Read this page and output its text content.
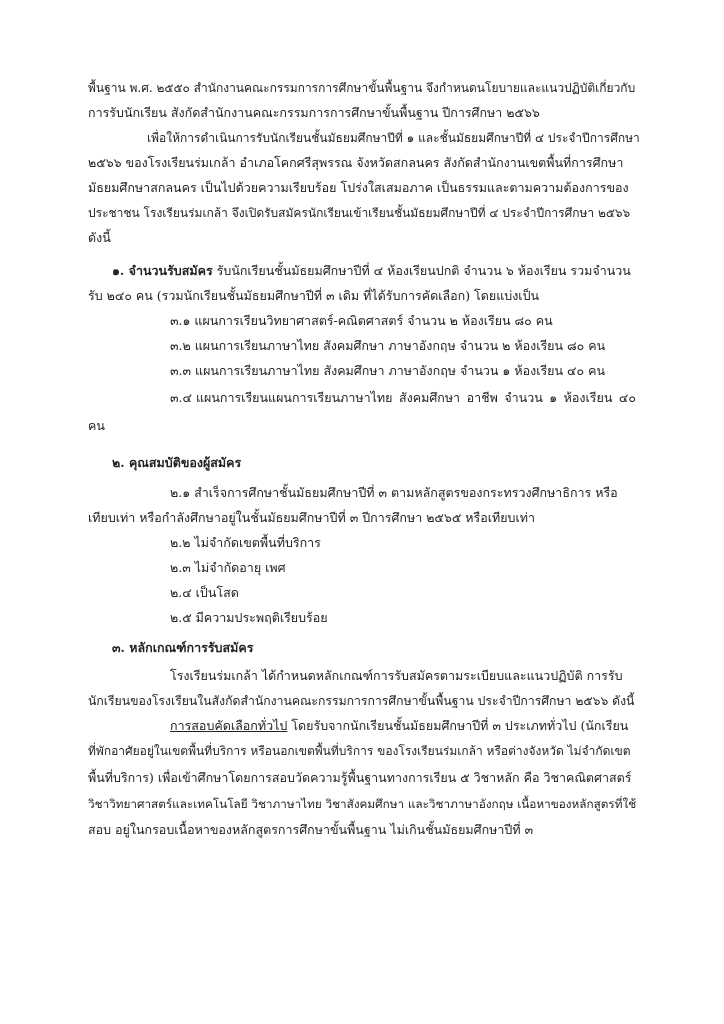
พื้นฐาน พ.ศ. ๒๕๕๐ สำนักงานคณะกรรมการการศึกษาขั้นพื้นฐาน จึงกำหนดนโยบายและแนวปฏิบัติเกี่ยวกับ
การรับนักเรียน สังกัดสำนักงานคณะกรรมการการศึกษาขั้นพื้นฐาน ปีการศึกษา ๒๕๖๖
เพื่อให้การดำเนินการรับนักเรียนชั้นมัธยมศึกษาปีที่ ๑ และชั้นมัธยมศึกษาปีที่ ๔ ประจำปีการศึกษา
๒๕๖๖ ของโรงเรียนร่มเกล้า อำเภอโคกศรีสุพรรณ จังหวัดสกลนคร สังกัดสำนักงานเขตพื้นที่การศึกษา
มัธยมศึกษาสกลนคร เป็นไปด้วยความเรียบร้อย โปร่งใสเสมอภาค เป็นธรรมและตามความต้องการของ
ประชาชน โรงเรียนร่มเกล้า จึงเปิดรับสมัครนักเรียนเข้าเรียนชั้นมัธยมศึกษาปีที่ ๔ ประจำปีการศึกษา ๒๕๖๖
ดังนี้
๑. จำนวนรับสมัคร รับนักเรียนชั้นมัธยมศึกษาปีที่ ๔ ห้องเรียนปกติ จำนวน ๖ ห้องเรียน รวมจำนวน
รับ ๒๔๐ คน (รวมนักเรียนชั้นมัธยมศึกษาปีที่ ๓ เดิม ที่ได้รับการคัดเลือก) โดยแบ่งเป็น
๓.๑ แผนการเรียนวิทยาศาสตร์-คณิตศาสตร์ จำนวน ๒ ห้องเรียน ๘๐ คน
๓.๒ แผนการเรียนภาษาไทย สังคมศึกษา ภาษาอังกฤษ จำนวน ๒ ห้องเรียน ๘๐ คน
๓.๓ แผนการเรียนภาษาไทย สังคมศึกษา ภาษาอังกฤษ จำนวน ๑ ห้องเรียน ๔๐ คน
๓.๔ แผนการเรียนแผนการเรียนภาษาไทย สังคมศึกษา อาชีพ จำนวน ๑ ห้องเรียน ๔๐
คน
๒. คุณสมบัติของผู้สมัคร
๒.๑ สำเร็จการศึกษาชั้นมัธยมศึกษาปีที่ ๓ ตามหลักสูตรของกระทรวงศึกษาธิการ หรือ
เทียบเท่า หรือกำลังศึกษาอยู่ในชั้นมัธยมศึกษาปีที่ ๓ ปีการศึกษา ๒๕๖๕ หรือเทียบเท่า
๒.๒ ไม่จำกัดเขตพื้นที่บริการ
๒.๓ ไม่จำกัดอายุ เพศ
๒.๔ เป็นโสด
๒.๕ มีความประพฤติเรียบร้อย
๓. หลักเกณฑ์การรับสมัคร
โรงเรียนร่มเกล้า ได้กำหนดหลักเกณฑ์การรับสมัครตามระเบียบและแนวปฏิบัติ การรับ
นักเรียนของโรงเรียนในสังกัดสำนักงานคณะกรรมการการศึกษาขั้นพื้นฐาน ประจำปีการศึกษา ๒๕๖๖ ดังนี้
การสอบคัดเลือกทั่วไป โดยรับจากนักเรียนชั้นมัธยมศึกษาปีที่ ๓ ประเภททั่วไป (นักเรียน
ที่พักอาศัยอยู่ในเขตพื้นที่บริการ หรือนอกเขตพื้นที่บริการ ของโรงเรียนร่มเกล้า หรือต่างจังหวัด ไม่จำกัดเขต
พื้นที่บริการ) เพื่อเข้าศึกษาโดยการสอบวัดความรู้พื้นฐานทางการเรียน ๕ วิชาหลัก คือ วิชาคณิตศาสตร์
วิชาวิทยาศาสตร์และเทคโนโลยี วิชาภาษาไทย วิชาสังคมศึกษา และวิชาภาษาอังกฤษ เนื้อหาของหลักสูตรที่ใช้
สอบ อยู่ในกรอบเนื้อหาของหลักสูตรการศึกษาขั้นพื้นฐาน ไม่เกินชั้นมัธยมศึกษาปีที่ ๓
